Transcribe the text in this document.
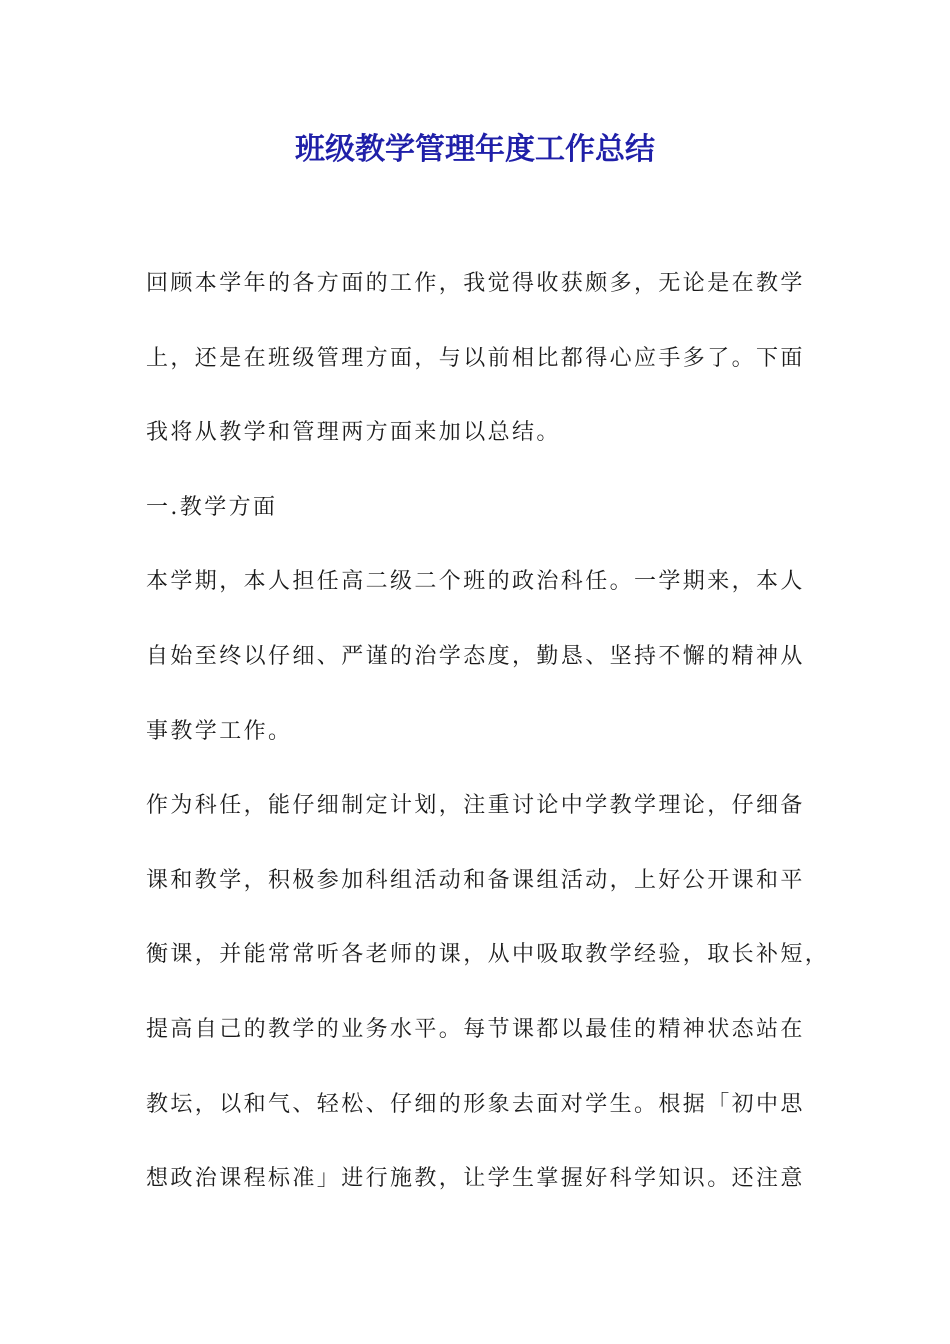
班级教学管理年度工作总结
回顾本学年的各方面的工作，我觉得收获颇多，无论是在教学
上，还是在班级管理方面，与以前相比都得心应手多了。下面
我将从教学和管理两方面来加以总结。
一.教学方面
本学期，本人担任高二级二个班的政治科任。一学期来，本人
自始至终以仔细、严谨的治学态度，勤恳、坚持不懈的精神从
事教学工作。
作为科任，能仔细制定计划，注重讨论中学教学理论，仔细备
课和教学，积极参加科组活动和备课组活动，上好公开课和平
衡课，并能常常听各老师的课，从中吸取教学经验，取长补短，
提高自己的教学的业务水平。每节课都以最佳的精神状态站在
教坛，以和气、轻松、仔细的形象去面对学生。根据「初中思
想政治课程标准」进行施教，让学生掌握好科学知识。还注意
